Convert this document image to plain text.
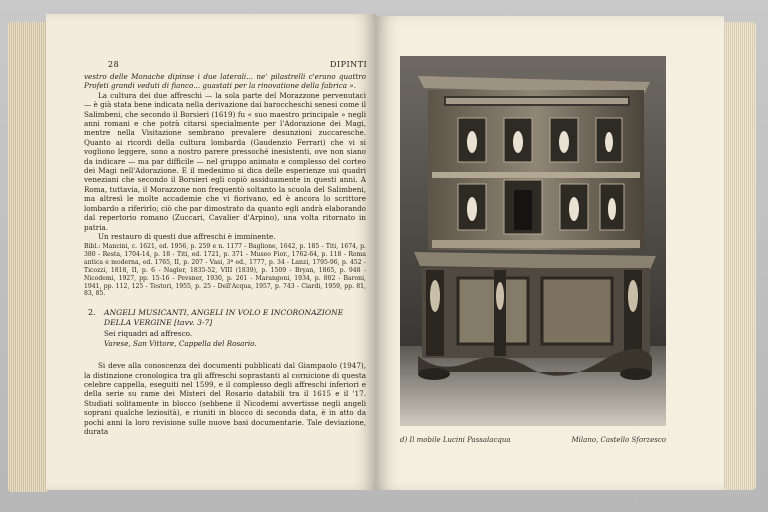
28	DIPINTI

vestro delle Monache dipinse i due laterali... ne' pilastrelli c'erano quattro Profeti grandi veduti di fianco... guastati per la rinovatione della fabrica ».

La cultura dei due affreschi — la sola parte del Morazzone pervenutaci — è già stata bene indicata nella derivazione dai baroccheschi senesi come il Salimbeni, che secondo il Borsieri (1619) fu « suo maestro principale » negli anni romani e che potrà citarsi specialmente per l'Adorazione dei Magi, mentre nella Visitazione sembrano prevalere desunzioni zuccaresche. Quanto ai ricordi della cultura lombarda (Gaudenzio Ferrari) che vi si vogliono leggere, sono a nostro parere pressoché inesistenti, ove non siano da indicare — ma par difficile — nel gruppo animato e complesso del corteo dei Magi nell'Adorazione. E il medesimo si dica delle esperienze sui quadri veneziani che secondo il Borsieri egli copiò assiduamente in questi anni. A Roma, tuttavia, il Morazzone non frequentò soltanto la scuola del Salimbeni, ma altresì le molte accademie che vi fiorivano, ed è ancora lo scrittore lombardo a riferirlo; ciò che par dimostrato da quanto egli andrà elaborando dal repertorio romano (Zuccari, Cavalier d'Arpino), una volta ritornato in patria.

Un restauro di questi due affreschi è imminente.

Bibl.: Mancini, c. 1621, ed. 1956, p. 259 e n. 1177 - Baglione, 1642, p. 185 - Titi, 1674, p. 380 - Resta, 1704-14, p. 18 - Titi, ed. 1721, p. 371 - Museo Fior., 1762-64, p. 118 - Roma antica e moderna, ed. 1765, II, p. 207 - Vasi, 3ª ed., 1777, p. 34 - Lanzi, 1795-96, p. 452 - Ticozzi, 1818, II, p. 6 - Nagler, 1835-52, VIII (1839), p. 1509 - Bryan, 1865, p. 948 - Nicodemi, 1927, pp. 15-16 - Pevsner, 1930, p. 261 - Marangoni, 1934, p. 802 - Baroni, 1941, pp. 112, 125 - Testori, 1955, p. 25 - Dell'Acqua, 1957, p. 743 - Ciardi, 1959, pp. 81, 83, 85.
2. ANGELI MUSICANTI, ANGELI IN VOLO E INCORONAZIONE DELLA VERGINE [tavv. 3-7]
Sei riquadri ad affresco.
Varese, San Vittore, Cappella del Rosario.

Si deve alla conoscenza dei documenti pubblicati dal Giampaolo (1947), la distinzione cronologica tra gli affreschi soprastanti al cornicione di questa celebre cappella, eseguiti nel 1599, e il complesso degli affreschi inferiori e della serie su rame dei Misteri del Rosario databili tra il 1615 e il '17. Studiati solitamente in blocco (sebbene il Nicodemi avvertisse negli angeli soprani qualche leziosità), e riuniti in blocco di seconda data, è in atto da pochi anni la loro revisione sulle nuove basi documentarie. Tale deviazione, durata

d) Il mobile Lucini Passalacqua	Milano, Castello Sforzesco
